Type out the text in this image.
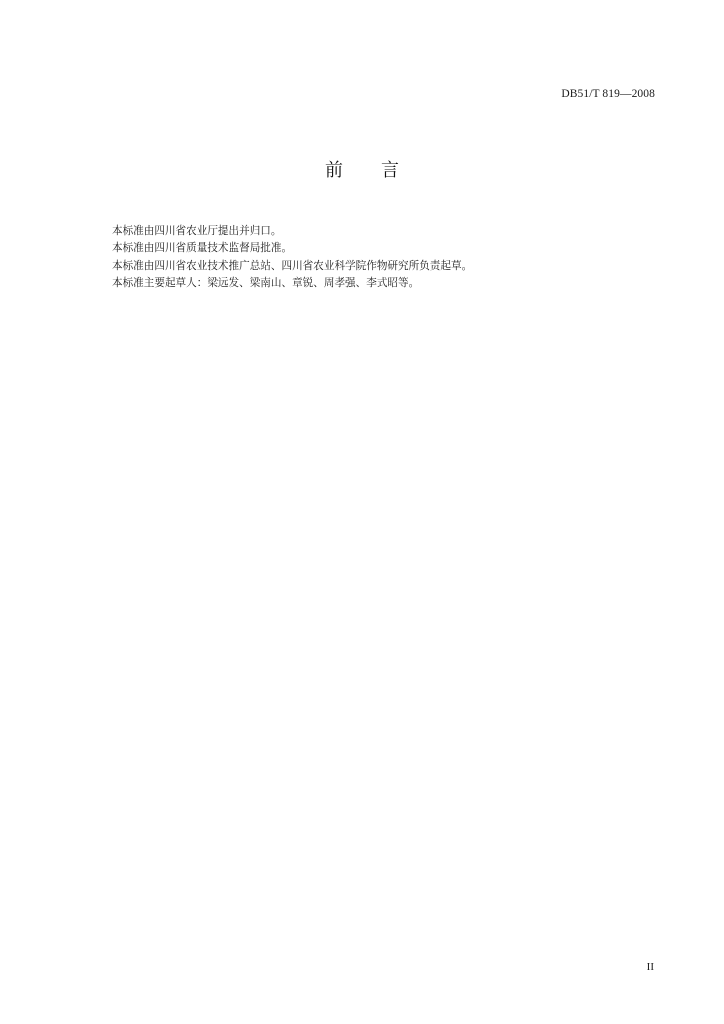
DB51/T 819—2008
前 言
本标准由四川省农业厅提出并归口。
本标准由四川省质量技术监督局批准。
本标准由四川省农业技术推广总站、四川省农业科学院作物研究所负责起草。
本标准主要起草人：梁远发、梁南山、章锐、周孝强、李式昭等。
II
